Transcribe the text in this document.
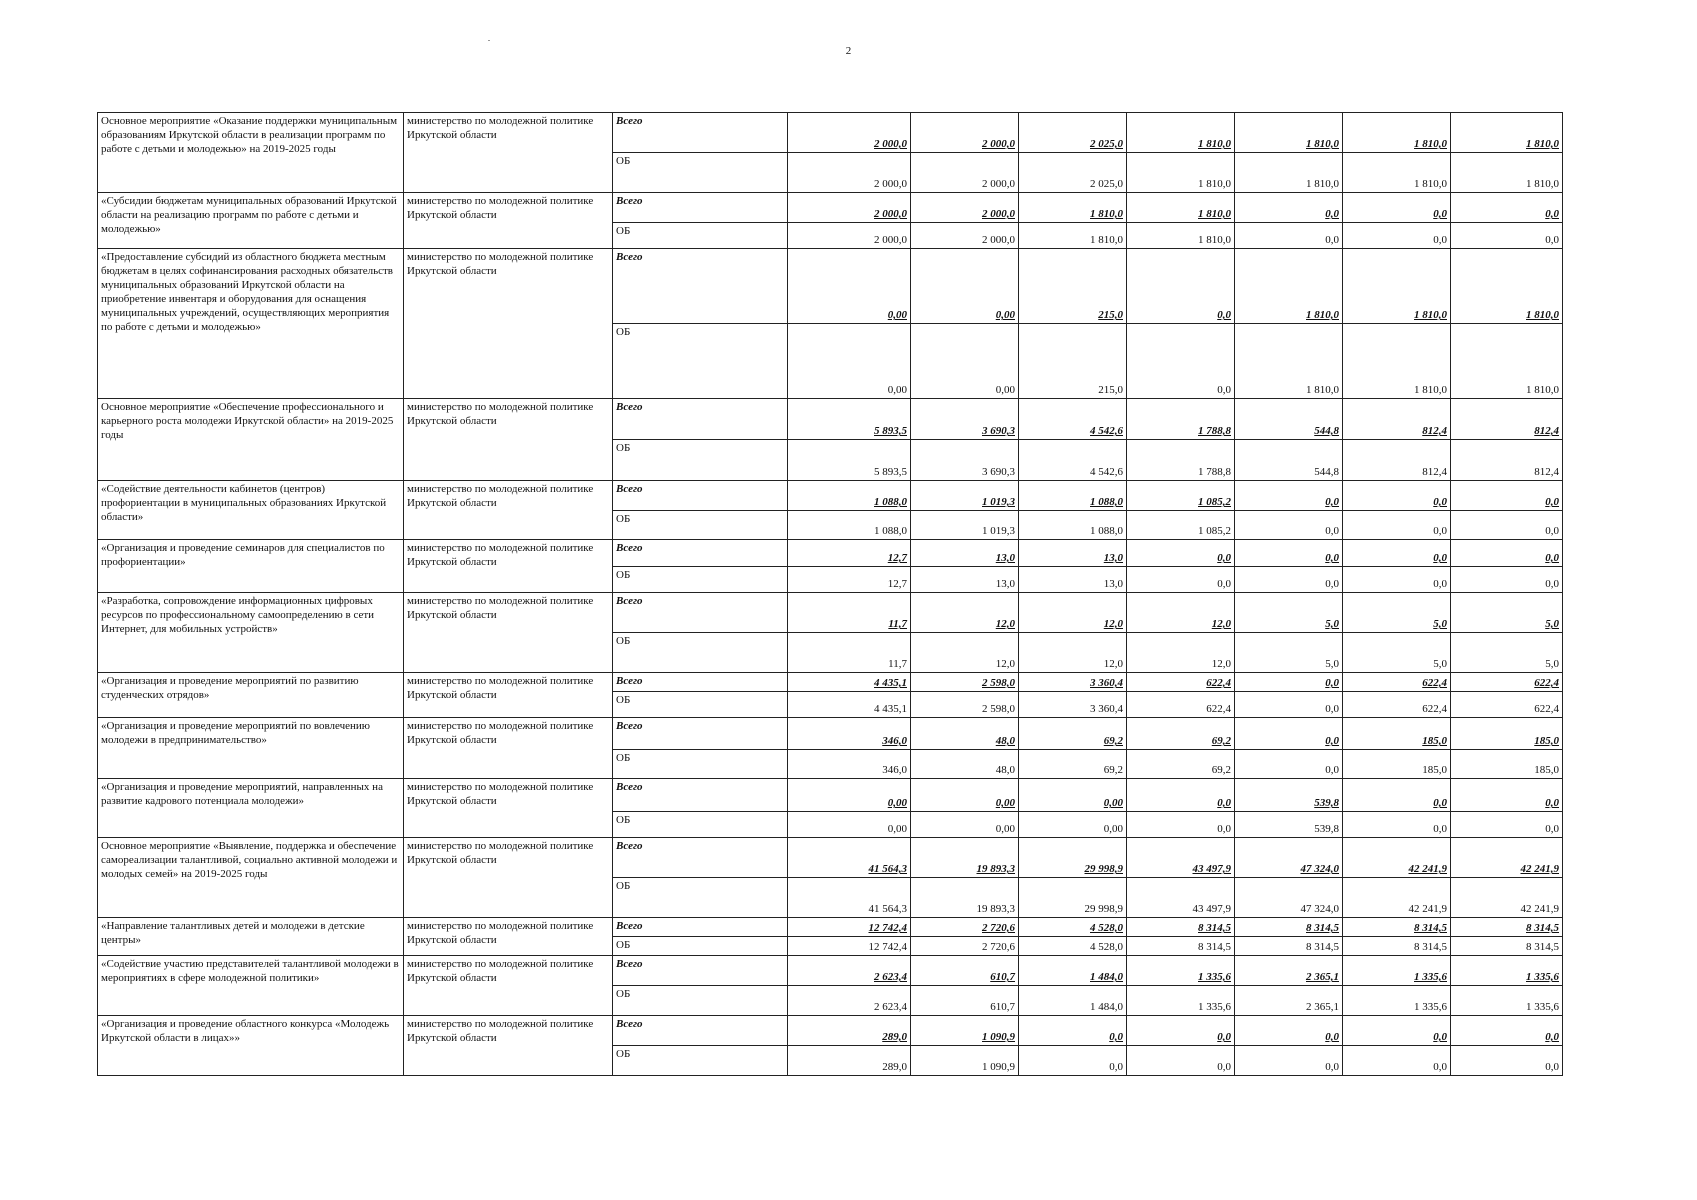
2
Основное мероприятие «Оказание поддержки муниципальным образованиям Иркутской области в реализации программ по работе с детьми и молодежью» на 2019-2025 годы	министерство по молодежной политике Иркутской области	Всего	2 000,0	2 000,0	2 025,0	1 810,0	1 810,0	1 810,0	1 810,0
		ОБ	2 000,0	2 000,0	2 025,0	1 810,0	1 810,0	1 810,0	1 810,0
«Субсидии бюджетам муниципальных образований Иркутской области на реализацию программ по работе с детьми и молодежью»	министерство по молодежной политике Иркутской области	Всего	2 000,0	2 000,0	1 810,0	1 810,0	0,0	0,0	0,0
		ОБ	2 000,0	2 000,0	1 810,0	1 810,0	0,0	0,0	0,0
«Предоставление субсидий из областного бюджета местным бюджетам в целях софинансирования расходных обязательств муниципальных образований Иркутской области на приобретение инвентаря и оборудования для оснащения муниципальных учреждений, осуществляющих мероприятия по работе с детьми и молодежью»	министерство по молодежной политике Иркутской области	Всего	0,00	0,00	215,0	0,0	1 810,0	1 810,0	1 810,0
		ОБ	0,00	0,00	215,0	0,0	1 810,0	1 810,0	1 810,0
Основное мероприятие «Обеспечение профессионального и карьерного роста молодежи Иркутской области» на 2019-2025 годы	министерство по молодежной политике Иркутской области	Всего	5 893,5	3 690,3	4 542,6	1 788,8	544,8	812,4	812,4
		ОБ	5 893,5	3 690,3	4 542,6	1 788,8	544,8	812,4	812,4
«Содействие деятельности кабинетов (центров) профориентации в муниципальных образованиях Иркутской области»	министерство по молодежной политике Иркутской области	Всего	1 088,0	1 019,3	1 088,0	1 085,2	0,0	0,0	0,0
		ОБ	1 088,0	1 019,3	1 088,0	1 085,2	0,0	0,0	0,0
«Организация и проведение семинаров для специалистов по профориентации»	министерство по молодежной политике Иркутской области	Всего	12,7	13,0	13,0	0,0	0,0	0,0	0,0
		ОБ	12,7	13,0	13,0	0,0	0,0	0,0	0,0
«Разработка, сопровождение информационных цифровых ресурсов по профессиональному самоопределению в сети Интернет, для мобильных устройств»	министерство по молодежной политике Иркутской области	Всего	11,7	12,0	12,0	12,0	5,0	5,0	5,0
		ОБ	11,7	12,0	12,0	12,0	5,0	5,0	5,0
«Организация и проведение мероприятий по развитию студенческих отрядов»	министерство по молодежной политике Иркутской области	Всего	4 435,1	2 598,0	3 360,4	622,4	0,0	622,4	622,4
		ОБ	4 435,1	2 598,0	3 360,4	622,4	0,0	622,4	622,4
«Организация и проведение мероприятий по вовлечению молодежи в предпринимательство»	министерство по молодежной политике Иркутской области	Всего	346,0	48,0	69,2	69,2	0,0	185,0	185,0
		ОБ	346,0	48,0	69,2	69,2	0,0	185,0	185,0
«Организация и проведение мероприятий, направленных на развитие кадрового потенциала молодежи»	министерство по молодежной политике Иркутской области	Всего	0,00	0,00	0,00	0,0	539,8	0,0	0,0
		ОБ	0,00	0,00	0,00	0,0	539,8	0,0	0,0
Основное мероприятие «Выявление, поддержка и обеспечение самореализации талантливой, социально активной молодежи и молодых семей» на 2019-2025 годы	министерство по молодежной политике Иркутской области	Всего	41 564,3	19 893,3	29 998,9	43 497,9	47 324,0	42 241,9	42 241,9
		ОБ	41 564,3	19 893,3	29 998,9	43 497,9	47 324,0	42 241,9	42 241,9
«Направление талантливых детей и молодежи в детские центры»	министерство по молодежной политике Иркутской области	Всего	12 742,4	2 720,6	4 528,0	8 314,5	8 314,5	8 314,5	8 314,5
		ОБ	12 742,4	2 720,6	4 528,0	8 314,5	8 314,5	8 314,5	8 314,5
«Содействие участию представителей талантливой молодежи в мероприятиях в сфере молодежной политики»	министерство по молодежной политике Иркутской области	Всего	2 623,4	610,7	1 484,0	1 335,6	2 365,1	1 335,6	1 335,6
		ОБ	2 623,4	610,7	1 484,0	1 335,6	2 365,1	1 335,6	1 335,6
«Организация и проведение областного конкурса «Молодежь Иркутской области в лицах»»	министерство по молодежной политике Иркутской области	Всего	289,0	1 090,9	0,0	0,0	0,0	0,0	0,0
		ОБ	289,0	1 090,9	0,0	0,0	0,0	0,0	0,0
